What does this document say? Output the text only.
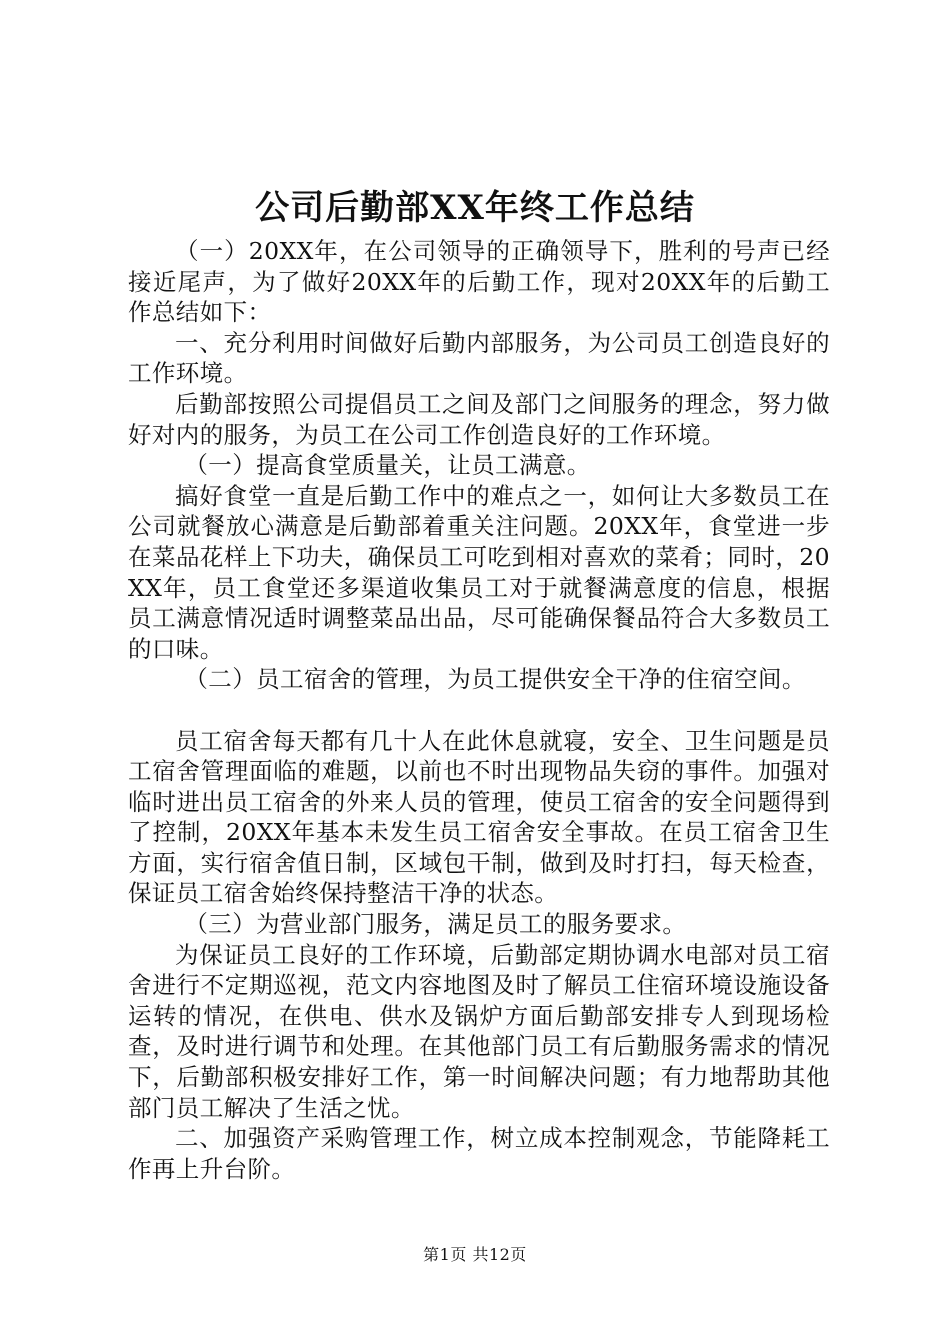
公司后勤部XX年终工作总结

（一）20XX年，在公司领导的正确领导下，胜利的号声已经接近尾声，为了做好20XX年的后勤工作，现对20XX年的后勤工作总结如下：

一、充分利用时间做好后勤内部服务，为公司员工创造良好的工作环境。

后勤部按照公司提倡员工之间及部门之间服务的理念，努力做好对内的服务，为员工在公司工作创造良好的工作环境。

（一）提高食堂质量关，让员工满意。

搞好食堂一直是后勤工作中的难点之一，如何让大多数员工在公司就餐放心满意是后勤部着重关注问题。20XX年，食堂进一步在菜品花样上下功夫，确保员工可吃到相对喜欢的菜肴；同时，20XX年，员工食堂还多渠道收集员工对于就餐满意度的信息，根据员工满意情况适时调整菜品出品，尽可能确保餐品符合大多数员工的口味。

（二）员工宿舍的管理，为员工提供安全干净的住宿空间。

员工宿舍每天都有几十人在此休息就寝，安全、卫生问题是员工宿舍管理面临的难题，以前也不时出现物品失窃的事件。加强对临时进出员工宿舍的外来人员的管理，使员工宿舍的安全问题得到了控制，20XX年基本未发生员工宿舍安全事故。在员工宿舍卫生方面，实行宿舍值日制，区域包干制，做到及时打扫，每天检查，保证员工宿舍始终保持整洁干净的状态。

（三）为营业部门服务，满足员工的服务要求。

为保证员工良好的工作环境，后勤部定期协调水电部对员工宿舍进行不定期巡视，范文内容地图及时了解员工住宿环境设施设备运转的情况，在供电、供水及锅炉方面后勤部安排专人到现场检查，及时进行调节和处理。在其他部门员工有后勤服务需求的情况下，后勤部积极安排好工作，第一时间解决问题；有力地帮助其他部门员工解决了生活之忧。

二、加强资产采购管理工作，树立成本控制观念，节能降耗工作再上升台阶。

第1页 共12页
